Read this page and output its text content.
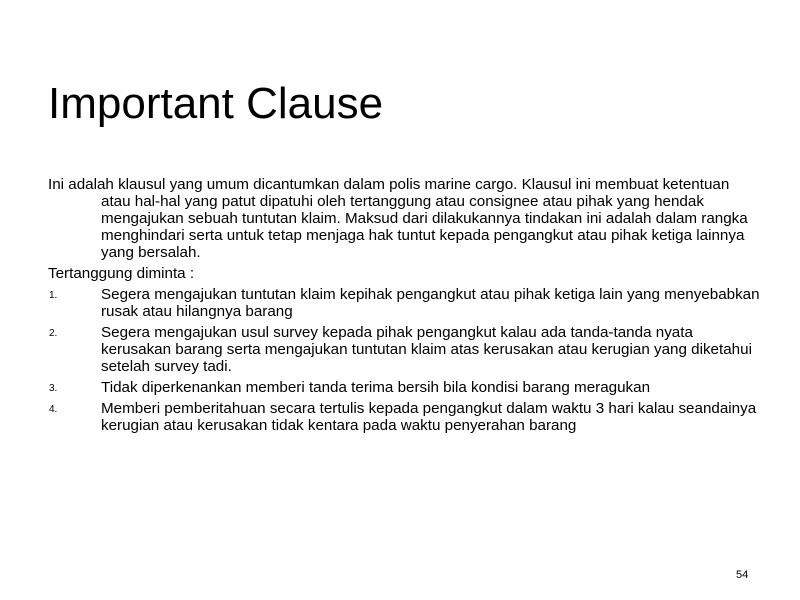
Important Clause

Ini adalah klausul yang umum dicantumkan dalam polis marine cargo. Klausul ini membuat ketentuan atau hal-hal yang patut dipatuhi oleh tertanggung atau consignee atau pihak yang hendak mengajukan sebuah tuntutan klaim. Maksud dari dilakukannya tindakan ini adalah dalam rangka menghindari serta untuk tetap menjaga hak tuntut kepada pengangkut atau pihak ketiga lainnya yang bersalah.

Tertanggung diminta :

1.	Segera mengajukan tuntutan klaim kepihak pengangkut atau pihak ketiga lain yang menyebabkan rusak atau hilangnya barang
2.	Segera mengajukan usul survey kepada pihak pengangkut kalau ada tanda-tanda nyata kerusakan barang serta mengajukan tuntutan klaim atas kerusakan atau kerugian yang diketahui setelah survey tadi.
3.	Tidak diperkenankan memberi tanda terima bersih bila kondisi barang meragukan
4.	Memberi pemberitahuan secara tertulis kepada pengangkut dalam waktu 3 hari kalau seandainya kerugian atau kerusakan tidak kentara pada waktu penyerahan barang
54
